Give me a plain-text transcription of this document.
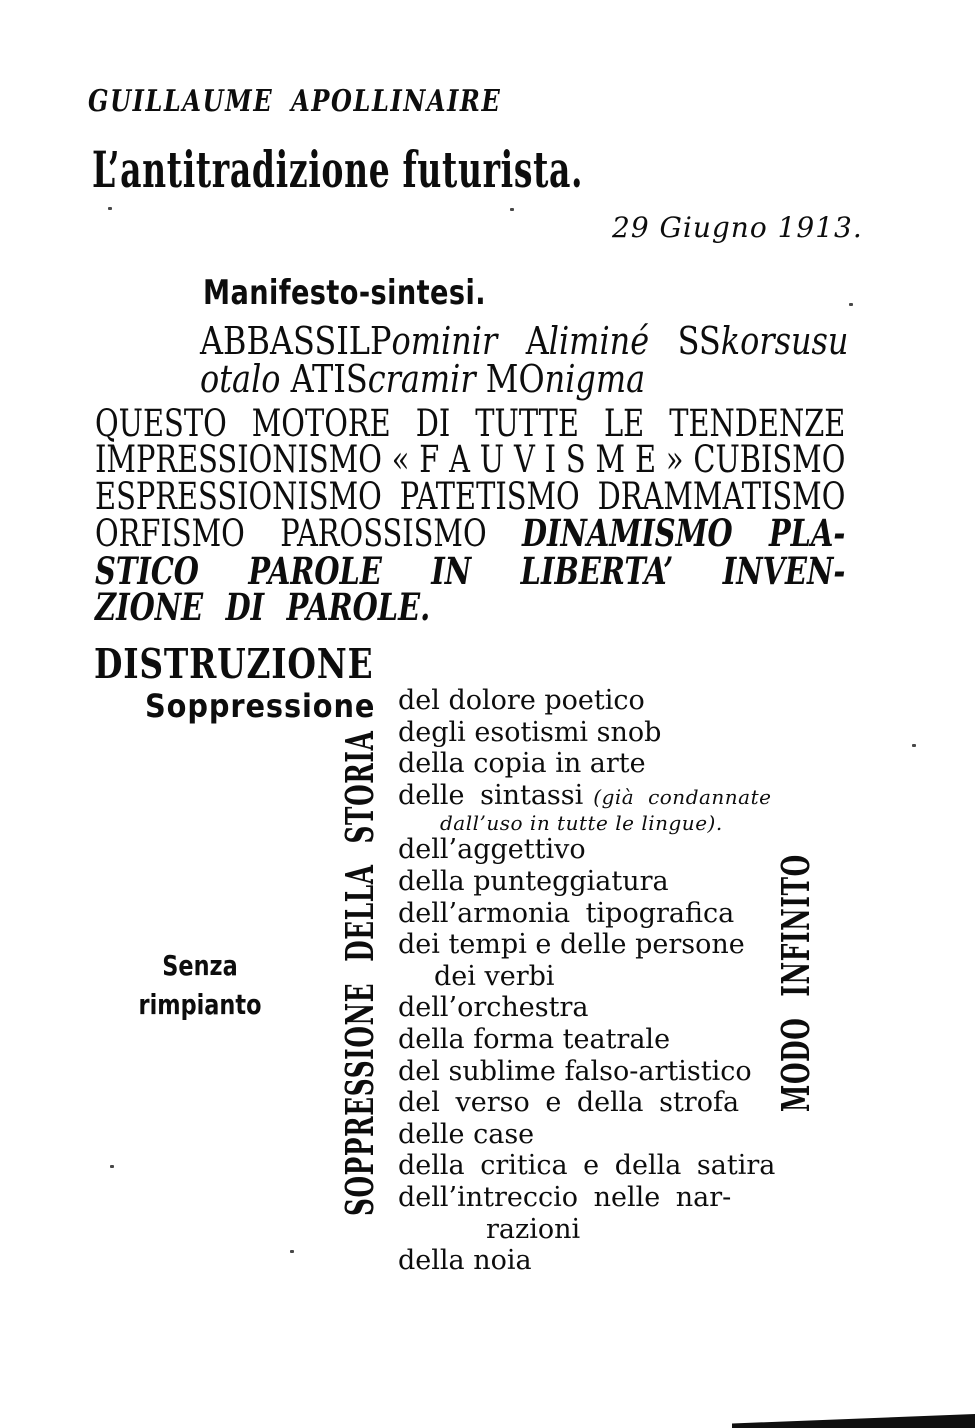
GUILLAUME APOLLINAIRE
L’antitradizione futurista.
29 Giugno 1913.
Manifesto-sintesi.
ABBASSILPominir Aliminé SSkorsusu
otalo ATIScramir MOnigma
QUESTO MOTORE DI TUTTE LE TENDENZE
IMPRESSIONISMO « F A U V I S M E » CUBISMO
ESPRESSIONISMO PATETISMO DRAMMATISMO
ORFISMO PAROSSISMO DINAMISMO PLA-
STICO PAROLE IN LIBERTA’ INVEN-
ZIONE DI PAROLE.
DISTRUZIONE
Soppressione del dolore poetico
degli esotismi snob
della copia in arte
delle sintassi (già condannate
dall’uso in tutte le lingue).
dell’aggettivo
della punteggiatura
dell’armonia tipografica
dei tempi e delle persone
dei verbi
dell’orchestra
della forma teatrale
del sublime falso-artistico
del verso e della strofa
delle case
della critica e della satira
dell’intreccio nelle nar-
razioni
della noia
Senza
rimpianto	SOPPRESSIONE DELLA STORIA	MODO INFINITO
